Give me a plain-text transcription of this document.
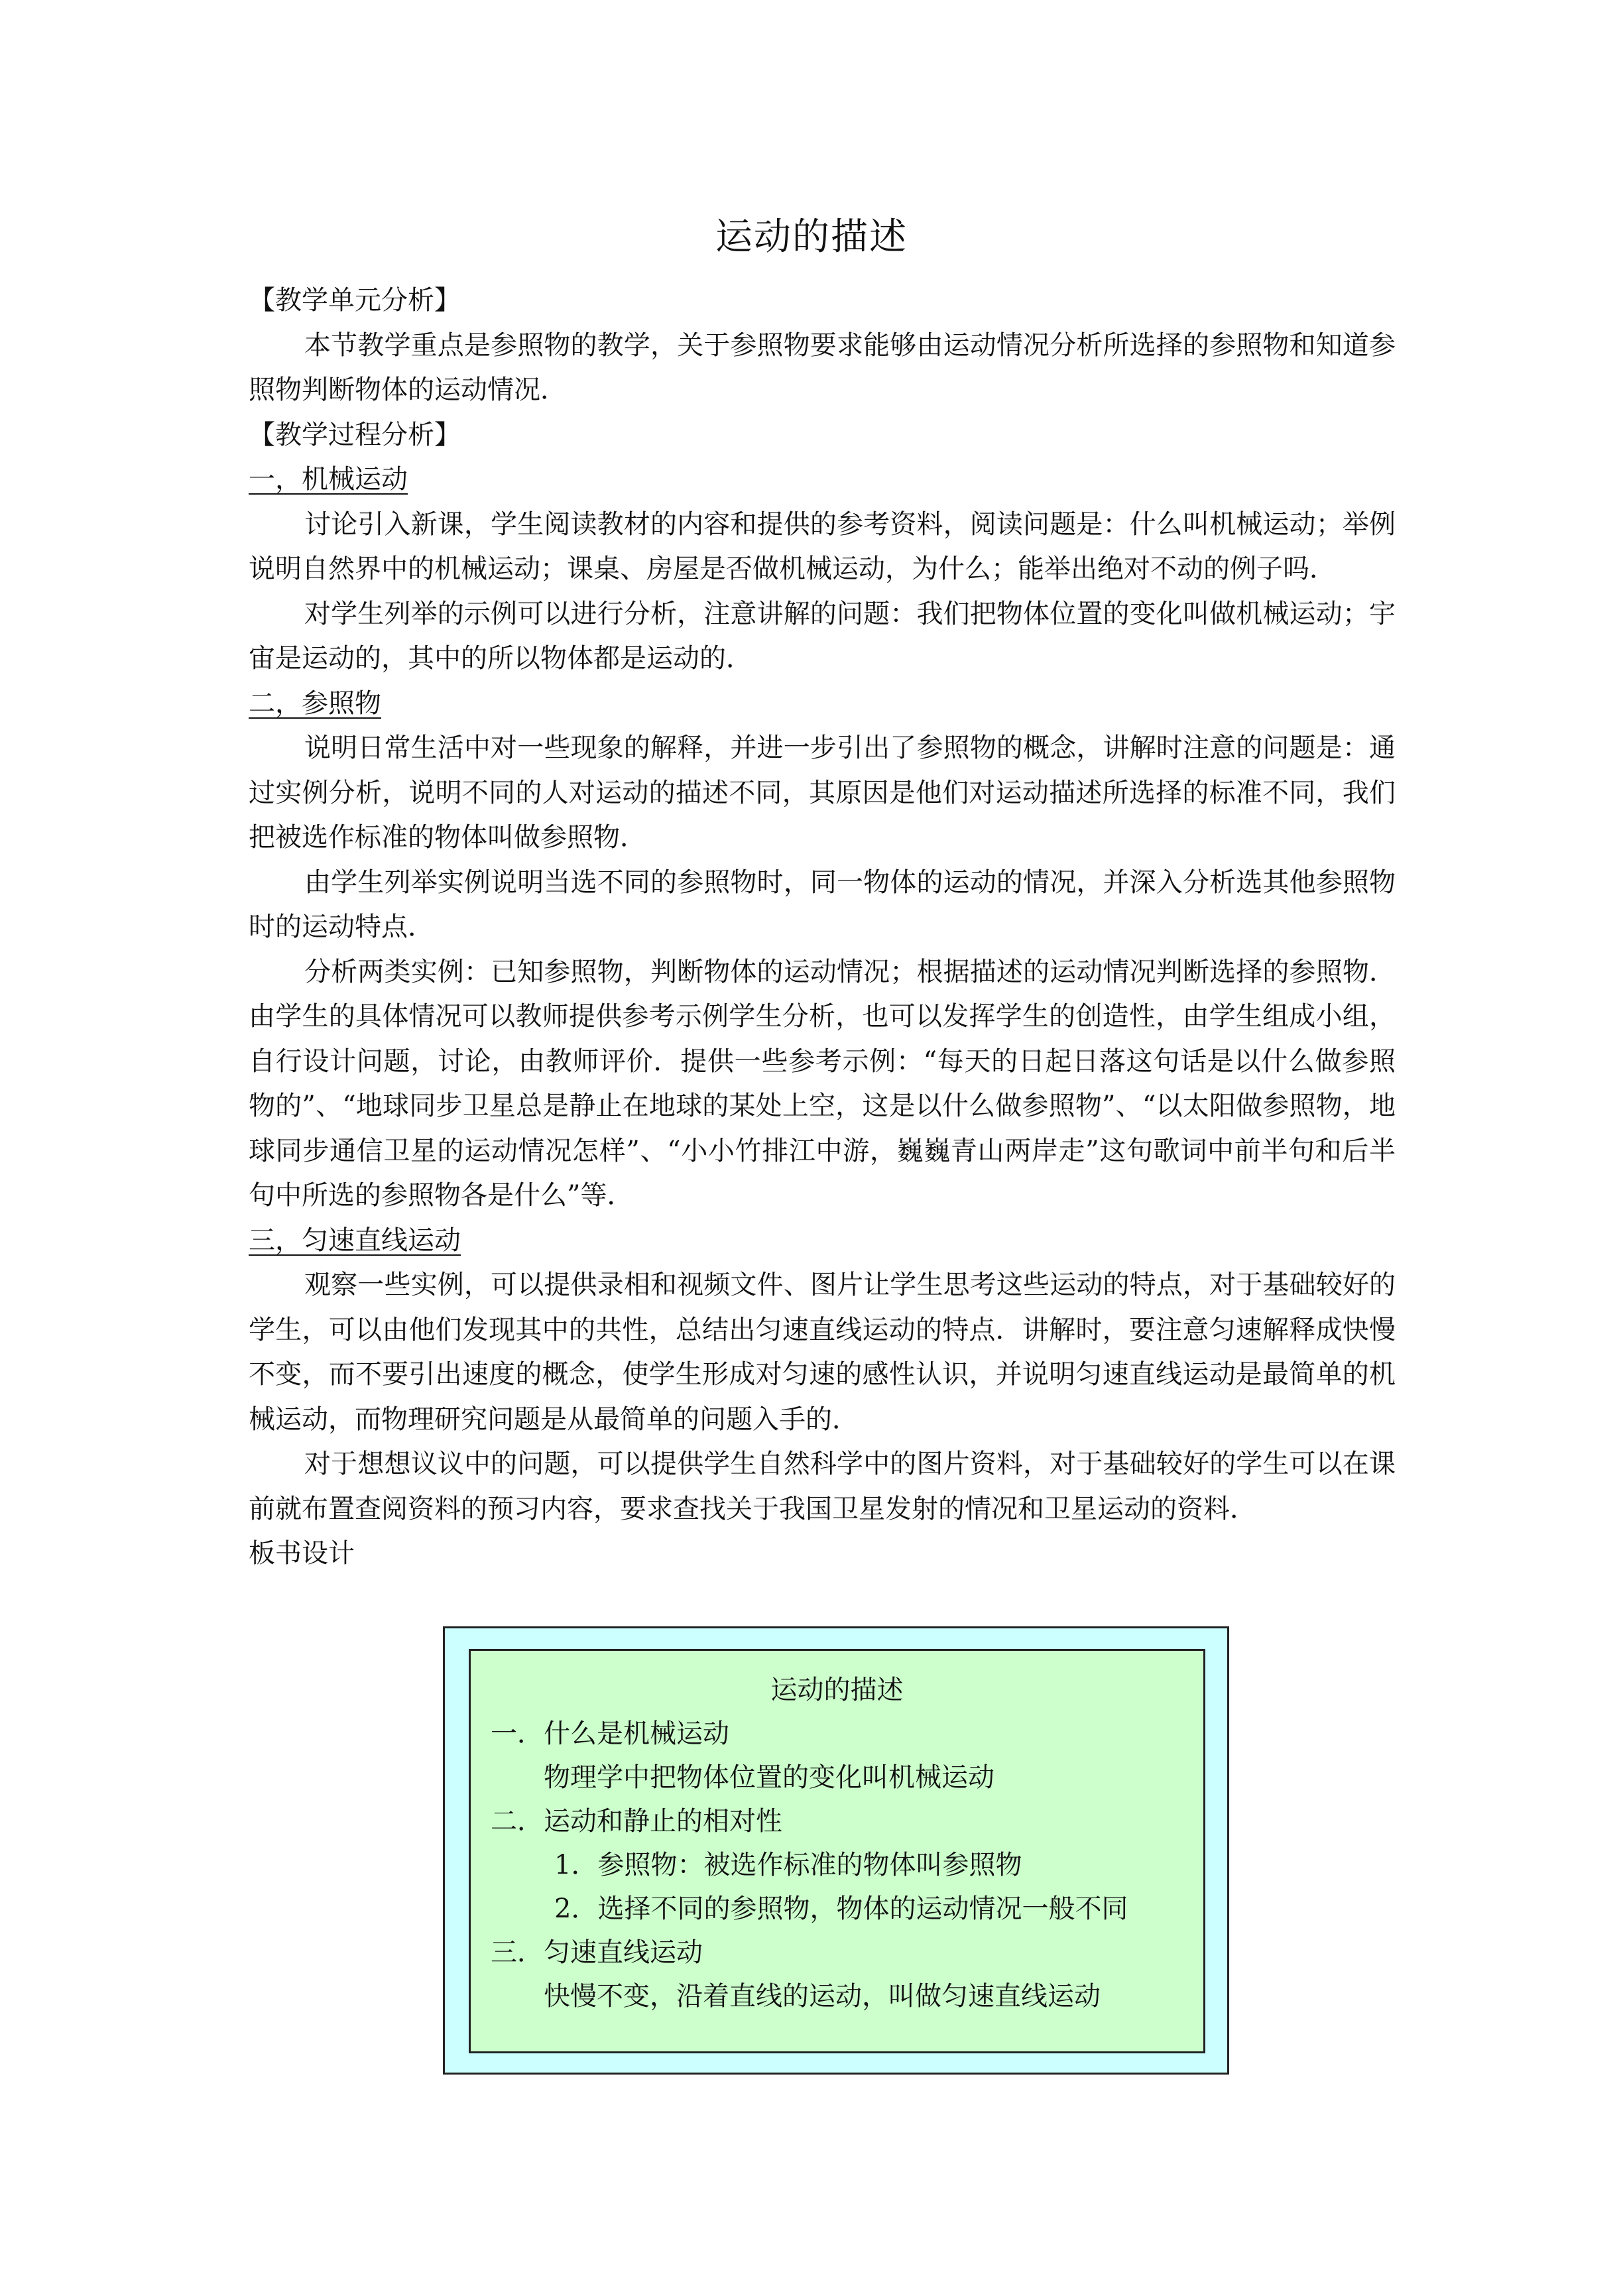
运动的描述

【教学单元分析】

本节教学重点是参照物的教学，关于参照物要求能够由运动情况分析所选择的参照物和知道参照物判断物体的运动情况．

【教学过程分析】

一，机械运动

讨论引入新课，学生阅读教材的内容和提供的参考资料，阅读问题是：什么叫机械运动；举例说明自然界中的机械运动；课桌、房屋是否做机械运动，为什么；能举出绝对不动的例子吗．

对学生列举的示例可以进行分析，注意讲解的问题：我们把物体位置的变化叫做机械运动；宇宙是运动的，其中的所以物体都是运动的．

二，参照物

说明日常生活中对一些现象的解释，并进一步引出了参照物的概念，讲解时注意的问题是：通过实例分析，说明不同的人对运动的描述不同，其原因是他们对运动描述所选择的标准不同，我们把被选作标准的物体叫做参照物．

由学生列举实例说明当选不同的参照物时，同一物体的运动的情况，并深入分析选其他参照物时的运动特点．

分析两类实例：已知参照物，判断物体的运动情况；根据描述的运动情况判断选择的参照物．由学生的具体情况可以教师提供参考示例学生分析，也可以发挥学生的创造性，由学生组成小组，自行设计问题，讨论，由教师评价．提供一些参考示例：“每天的日起日落这句话是以什么做参照物的”、“地球同步卫星总是静止在地球的某处上空，这是以什么做参照物”、“以太阳做参照物，地球同步通信卫星的运动情况怎样”、“小小竹排江中游，巍巍青山两岸走”这句歌词中前半句和后半句中所选的参照物各是什么”等．

三，匀速直线运动

观察一些实例，可以提供录相和视频文件、图片让学生思考这些运动的特点，对于基础较好的学生，可以由他们发现其中的共性，总结出匀速直线运动的特点．讲解时，要注意匀速解释成快慢不变，而不要引出速度的概念，使学生形成对匀速的感性认识，并说明匀速直线运动是最简单的机械运动，而物理研究问题是从最简单的问题入手的．

对于想想议议中的问题，可以提供学生自然科学中的图片资料，对于基础较好的学生可以在课前就布置查阅资料的预习内容，要求查找关于我国卫星发射的情况和卫星运动的资料．

板书设计

运动的描述
一．什么是机械运动
物理学中把物体位置的变化叫机械运动
二．运动和静止的相对性
1．参照物：被选作标准的物体叫参照物
2．选择不同的参照物，物体的运动情况一般不同
三．匀速直线运动
快慢不变，沿着直线的运动，叫做匀速直线运动
